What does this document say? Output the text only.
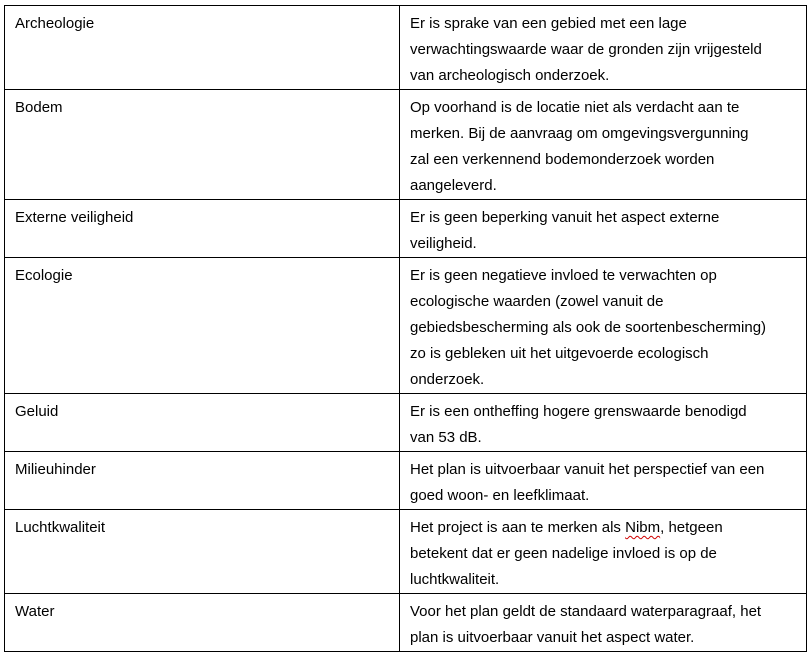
Archeologie	Er is sprake van een gebied met een lage
verwachtingswaarde waar de gronden zijn vrijgesteld
van archeologisch onderzoek.

Bodem	Op voorhand is de locatie niet als verdacht aan te
merken. Bij de aanvraag om omgevingsvergunning
zal een verkennend bodemonderzoek worden
aangeleverd.

Externe veiligheid	Er is geen beperking vanuit het aspect externe
veiligheid.

Ecologie	Er is geen negatieve invloed te verwachten op
ecologische waarden (zowel vanuit de
gebiedsbescherming als ook de soortenbescherming)
zo is gebleken uit het uitgevoerde ecologisch
onderzoek.

Geluid	Er is een ontheffing hogere grenswaarde benodigd
van 53 dB.

Milieuhinder	Het plan is uitvoerbaar vanuit het perspectief van een
goed woon- en leefklimaat.

Luchtkwaliteit	Het project is aan te merken als Nibm, hetgeen
betekent dat er geen nadelige invloed is op de
luchtkwaliteit.

Water	Voor het plan geldt de standaard waterparagraaf, het
plan is uitvoerbaar vanuit het aspect water.
